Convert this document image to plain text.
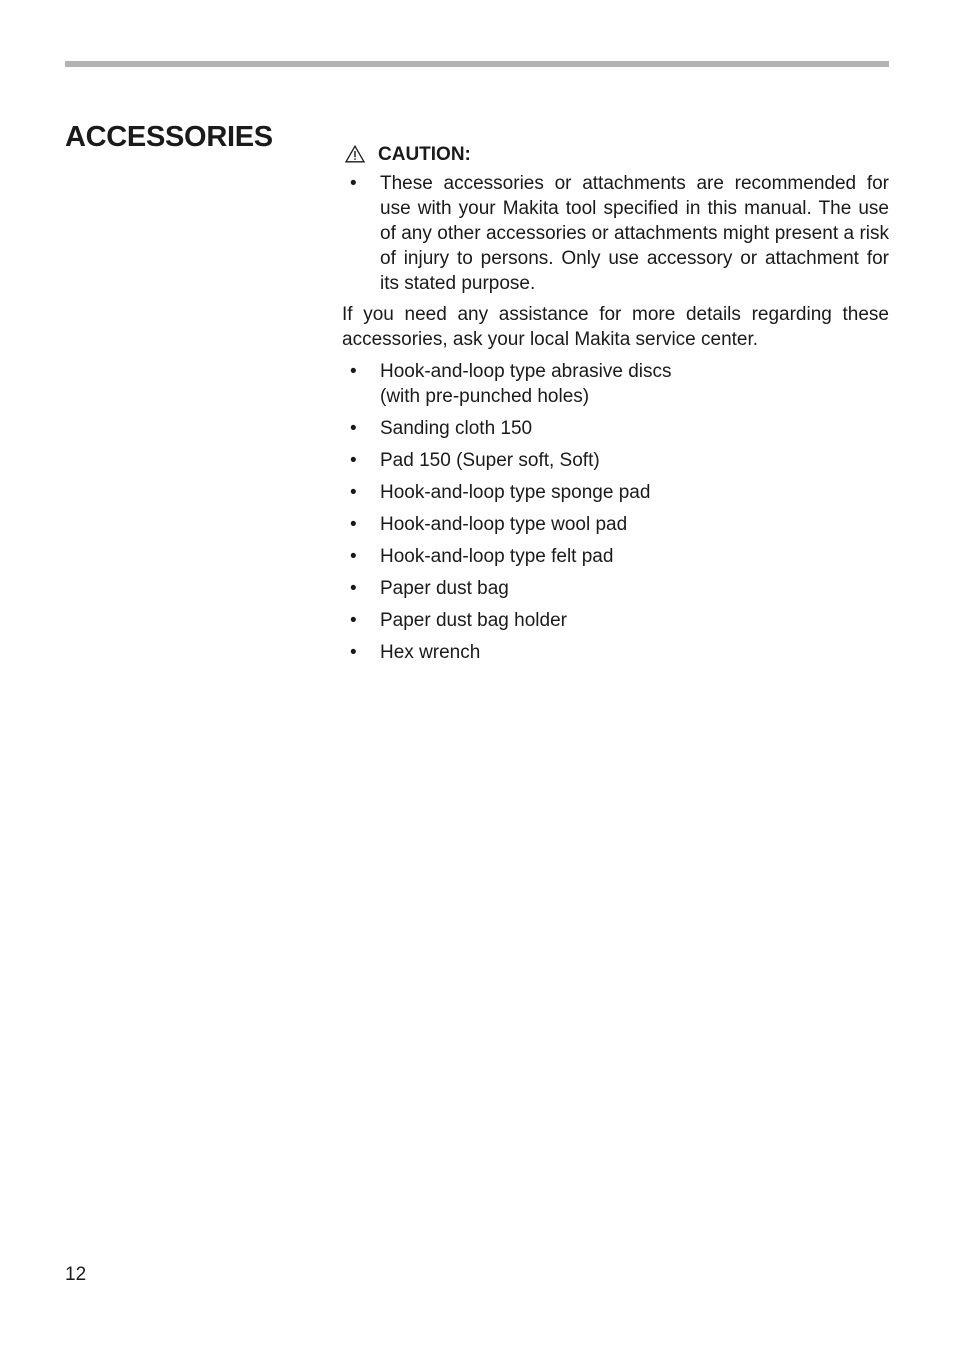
ACCESSORIES
CAUTION:
• These accessories or attachments are recommended for use with your Makita tool specified in this manual. The use of any other accessories or attachments might present a risk of injury to persons. Only use accessory or attachment for its stated purpose.

If you need any assistance for more details regarding these accessories, ask your local Makita service center.

• Hook-and-loop type abrasive discs
(with pre-punched holes)
• Sanding cloth 150
• Pad 150 (Super soft, Soft)
• Hook-and-loop type sponge pad
• Hook-and-loop type wool pad
• Hook-and-loop type felt pad
• Paper dust bag
• Paper dust bag holder
• Hex wrench
12
